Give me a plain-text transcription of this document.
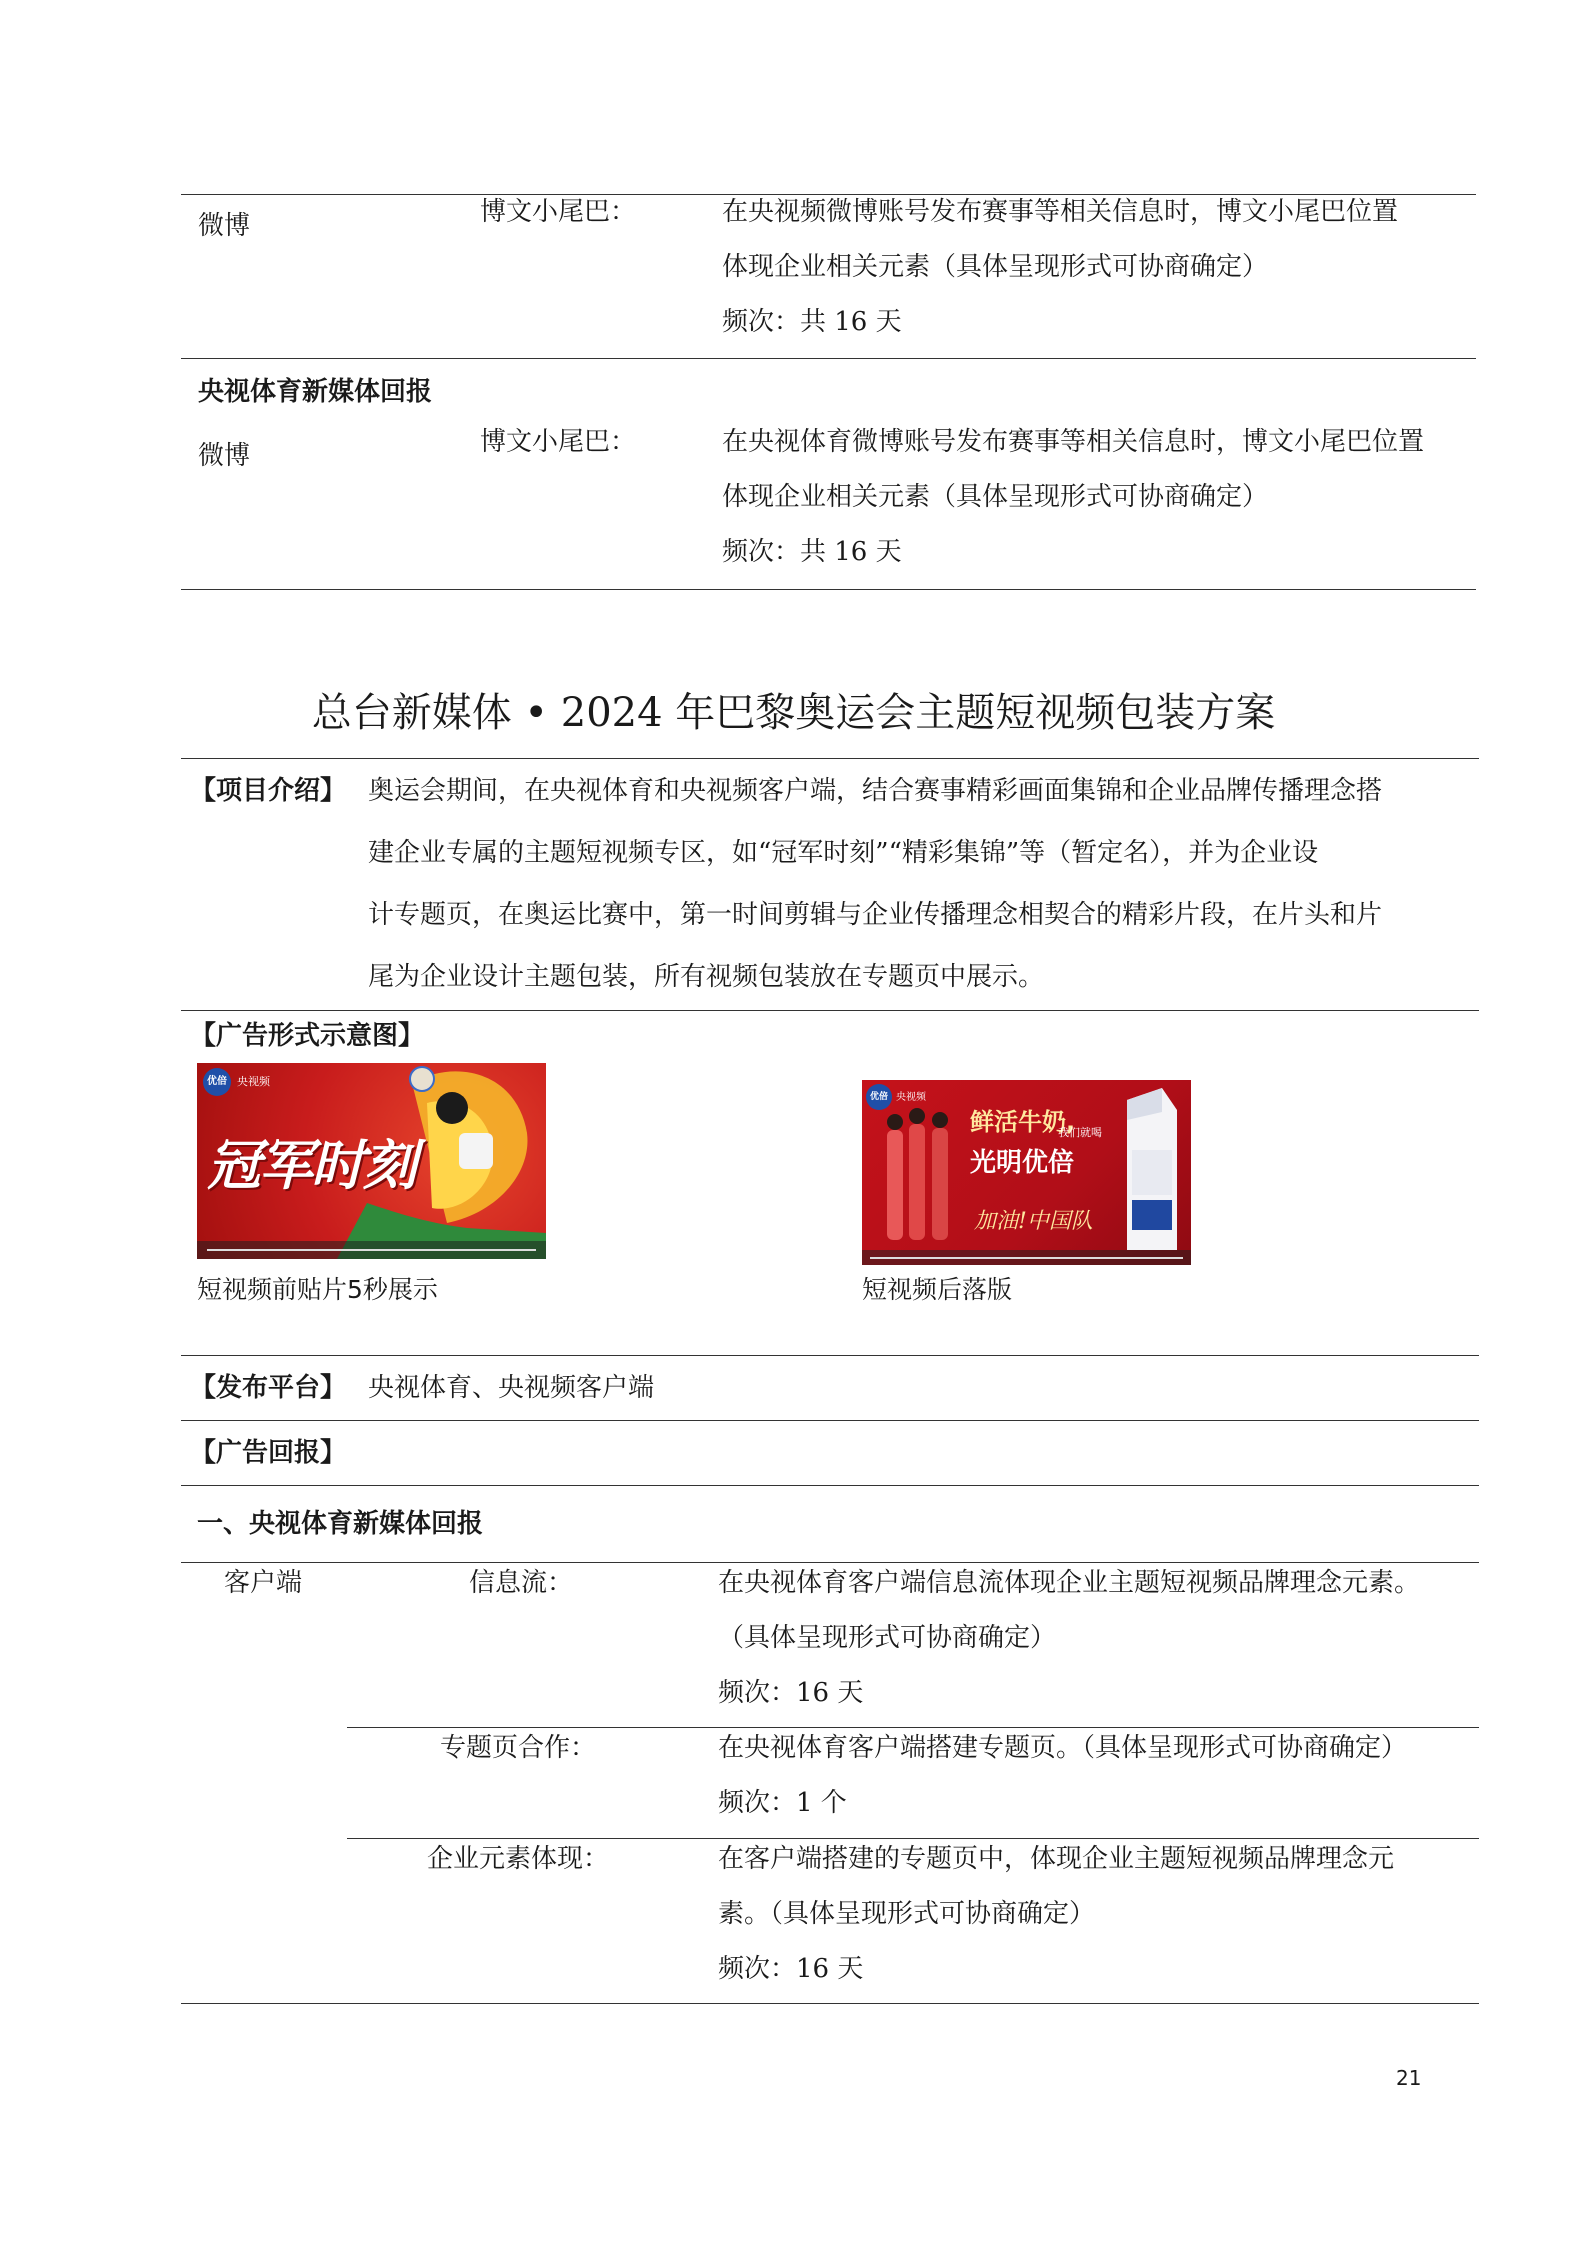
微博	博文小尾巴：	在央视频微博账号发布赛事等相关信息时，博文小尾巴位置
体现企业相关元素（具体呈现形式可协商确定）
频次：共 16 天
央视体育新媒体回报
微博	博文小尾巴：	在央视体育微博账号发布赛事等相关信息时，博文小尾巴位置
体现企业相关元素（具体呈现形式可协商确定）
频次：共 16 天
总台新媒体 • 2024 年巴黎奥运会主题短视频包装方案
【项目介绍】 奥运会期间，在央视体育和央视频客户端，结合赛事精彩画面集锦和企业品牌传播理念搭
建企业专属的主题短视频专区，如“冠军时刻”“精彩集锦”等（暂定名），并为企业设
计专题页，在奥运比赛中，第一时间剪辑与企业传播理念相契合的精彩片段，在片头和片
尾为企业设计主题包装，所有视频包装放在专题页中展示。
【广告形式示意图】
优倍 央视频
冠军时刻
短视频前贴片5秒展示
优倍 央视频
鲜活牛奶,
我们就喝
光明优倍
加油!中国队
短视频后落版
【发布平台】 央视体育、央视频客户端
【广告回报】
一、央视体育新媒体回报
客户端	信息流：	在央视体育客户端信息流体现企业主题短视频品牌理念元素。
（具体呈现形式可协商确定）
频次：16 天
专题页合作：	在央视体育客户端搭建专题页。（具体呈现形式可协商确定）
频次：1 个
企业元素体现：	在客户端搭建的专题页中，体现企业主题短视频品牌理念元
素。（具体呈现形式可协商确定）
频次：16 天
21
